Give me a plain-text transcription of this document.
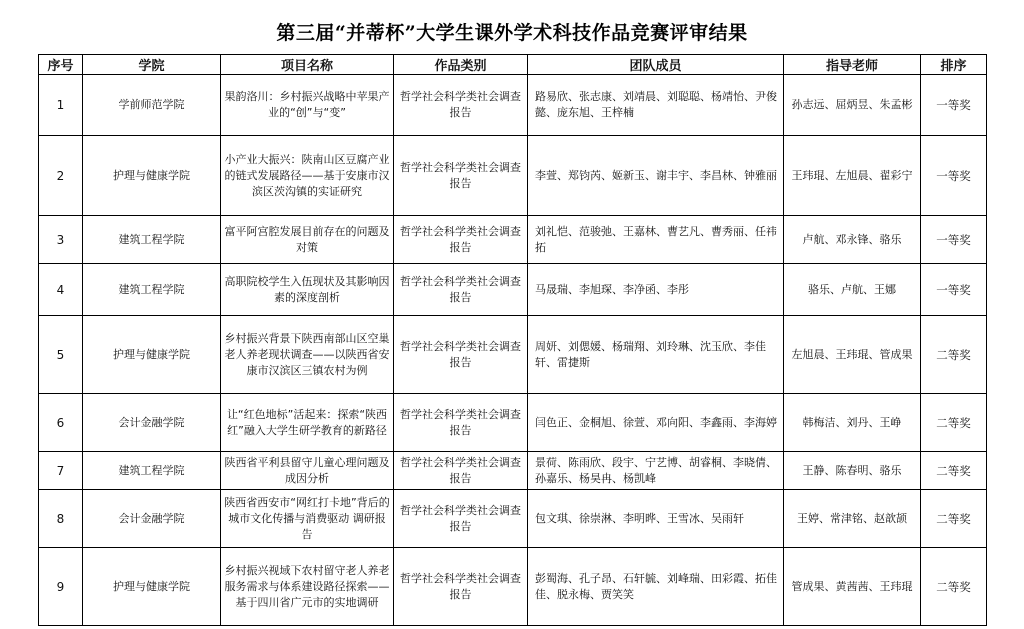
第三届“并蒂杯”大学生课外学术科技作品竞赛评审结果
序号	学院	项目名称	作品类别	团队成员	指导老师	排序
1	学前师范学院	果韵洛川：乡村振兴战略中苹果产业的“创”与“变”	哲学社会科学类社会调查报告	路易欣、张志康、刘靖晨、刘聪聪、杨靖怡、尹俊懿、庞东旭、王梓楠	孙志远、屈炳昱、朱孟彬	一等奖
2	护理与健康学院	小产业大振兴：陕南山区豆腐产业的链式发展路径——基于安康市汉滨区茨沟镇的实证研究	哲学社会科学类社会调查报告	李萱、郑钧芮、姬新玉、谢丰宇、李昌林、钟雅丽	王玮琨、左旭晨、翟彩宁	一等奖
3	建筑工程学院	富平阿宫腔发展目前存在的问题及对策	哲学社会科学类社会调查报告	刘礼恺、范骏弛、王嘉林、曹艺凡、曹秀丽、任祎拓	卢航、邓永锋、骆乐	一等奖
4	建筑工程学院	高职院校学生入伍现状及其影响因素的深度剖析	哲学社会科学类社会调查报告	马晟瑞、李旭琛、李净函、李彤	骆乐、卢航、王娜	一等奖
5	护理与健康学院	乡村振兴背景下陕西南部山区空巢老人养老现状调查——以陕西省安康市汉滨区三镇农村为例	哲学社会科学类社会调查报告	周妍、刘偲媛、杨瑞翔、刘玲琳、沈玉欣、李佳轩、雷捷斯	左旭晨、王玮琨、管成果	二等奖
6	会计金融学院	让“红色地标”活起来：探索“陕西红”融入大学生研学教育的新路径	哲学社会科学类社会调查报告	闫色正、金桐旭、徐萱、邓向阳、李鑫雨、李海婷	韩梅洁、刘丹、王峥	二等奖
7	建筑工程学院	陕西省平利县留守儿童心理问题及成因分析	哲学社会科学类社会调查报告	景荷、陈雨欣、段宇、宁艺博、胡睿桐、李晓倩、孙嘉乐、杨昊冉、杨凯峰	王静、陈春明、骆乐	二等奖
8	会计金融学院	陕西省西安市“网红打卡地”背后的城市文化传播与消费驱动 调研报告	哲学社会科学类社会调查报告	包文琪、徐崇淋、李明晔、王雪冰、吴雨轩	王婷、常津铭、赵歆颉	二等奖
9	护理与健康学院	乡村振兴视域下农村留守老人养老服务需求与体系建设路径探索——基于四川省广元市的实地调研	哲学社会科学类社会调查报告	彭蜀海、孔子昂、石轩毓、刘峰瑞、田彩霞、拓佳佳、脱永梅、贾笑笑	管成果、黄茜茜、王玮琨	二等奖
